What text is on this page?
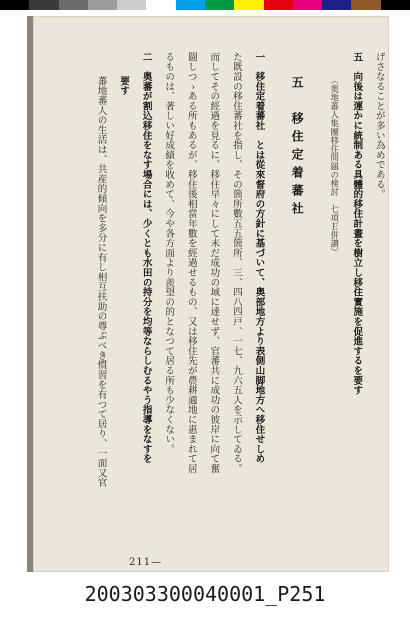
げさなることが多い為めである。
五　向後は運かに統制ある具體的移住計畫を樹立し移住實施を促進するを要す
（奥地蕃人集團移住問題の検討　七項Ｅ併讀）
五　移住定着蕃社
一　移住定着蕃社　とは從來督府の方針に基づいて、奥部地方より表側山脚地方へ移住せしめ
た既設の移住蕃社を指し、その箇所數五五箇所、三、四八四戸、一七、九六五人を示してゐる。
而してその經過を見るに、移住早々にして未だ成功の域に達せず、官蕃共に成功の彼岸に向て奮
闘しつゝある所もあるが、移住後相當年數を經過せるもの、又は移住先が農耕適地に惠まれて居
るものは、著しい好成績を收めて、今や各方面より羨望の的となつて居る所も少なくない。
二　奥蕃が割込移住をなす場合には、少くとも水田の持分を均等ならしむるやう指導をなすを
要す
蕃地蕃人の生活は、共産的傾向を多分に有し相互扶助の尊ぶべき慣習を有つて居り、一面又官
211—
200303300040001_P251
